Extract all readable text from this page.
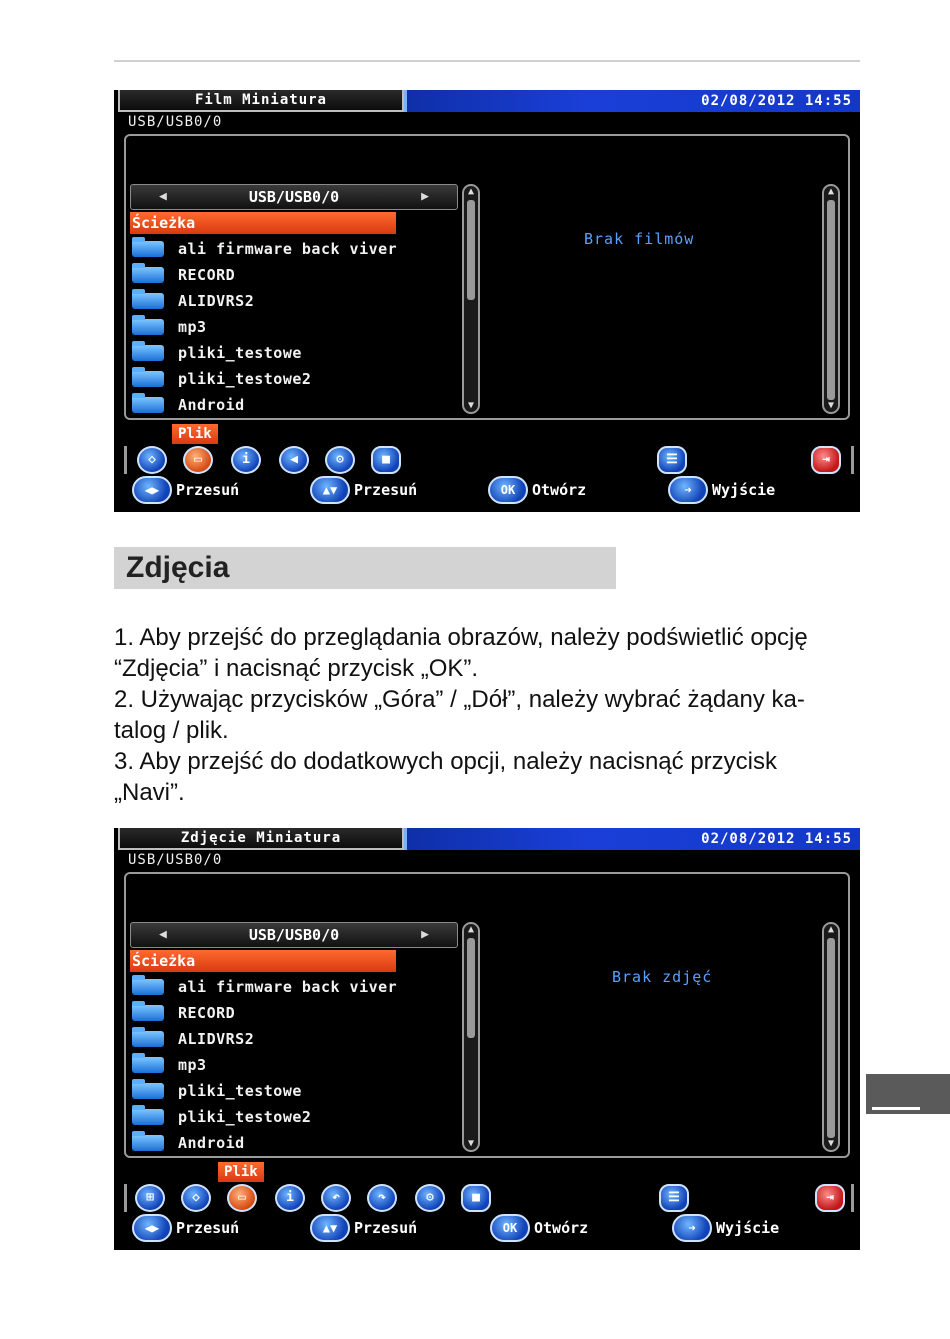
Film Miniatura	02/08/2012 14:55
USB/USB0/0
◀	USB/USB0/0	▶
Ścieżka
ali firmware back viver
RECORD
ALIDVRS2
mp3
pliki_testowe
pliki_testowe2
Android
▲
▼
▲
▼
Brak filmów
Plik
◇	▭	i	◀	⚙	■	☰	⇥
◀▶	Przesuń	▲▼	Przesuń	OK	Otwórz	➜	Wyjście
Zdjęcia

1. Aby przejść do przeglądania obrazów, należy podświetlić opcję

“Zdjęcia” i nacisnąć przycisk „OK”.

2. Używając przycisków „Góra” / „Dół”, należy wybrać żądany ka-

talog / plik.

3. Aby przejść do dodatkowych opcji, należy nacisnąć przycisk

„Navi”.

Zdjęcie Miniatura	02/08/2012 14:55
USB/USB0/0
◀	USB/USB0/0	▶
Ścieżka
ali firmware back viver
RECORD
ALIDVRS2
mp3
pliki_testowe
pliki_testowe2
Android
▲
▼
▲
▼
Brak zdjęć
Plik
⊞	◇	▭	i	↶	↷	⚙	■	☰	⇥
◀▶	Przesuń	▲▼	Przesuń	OK	Otwórz	➜	Wyjście
